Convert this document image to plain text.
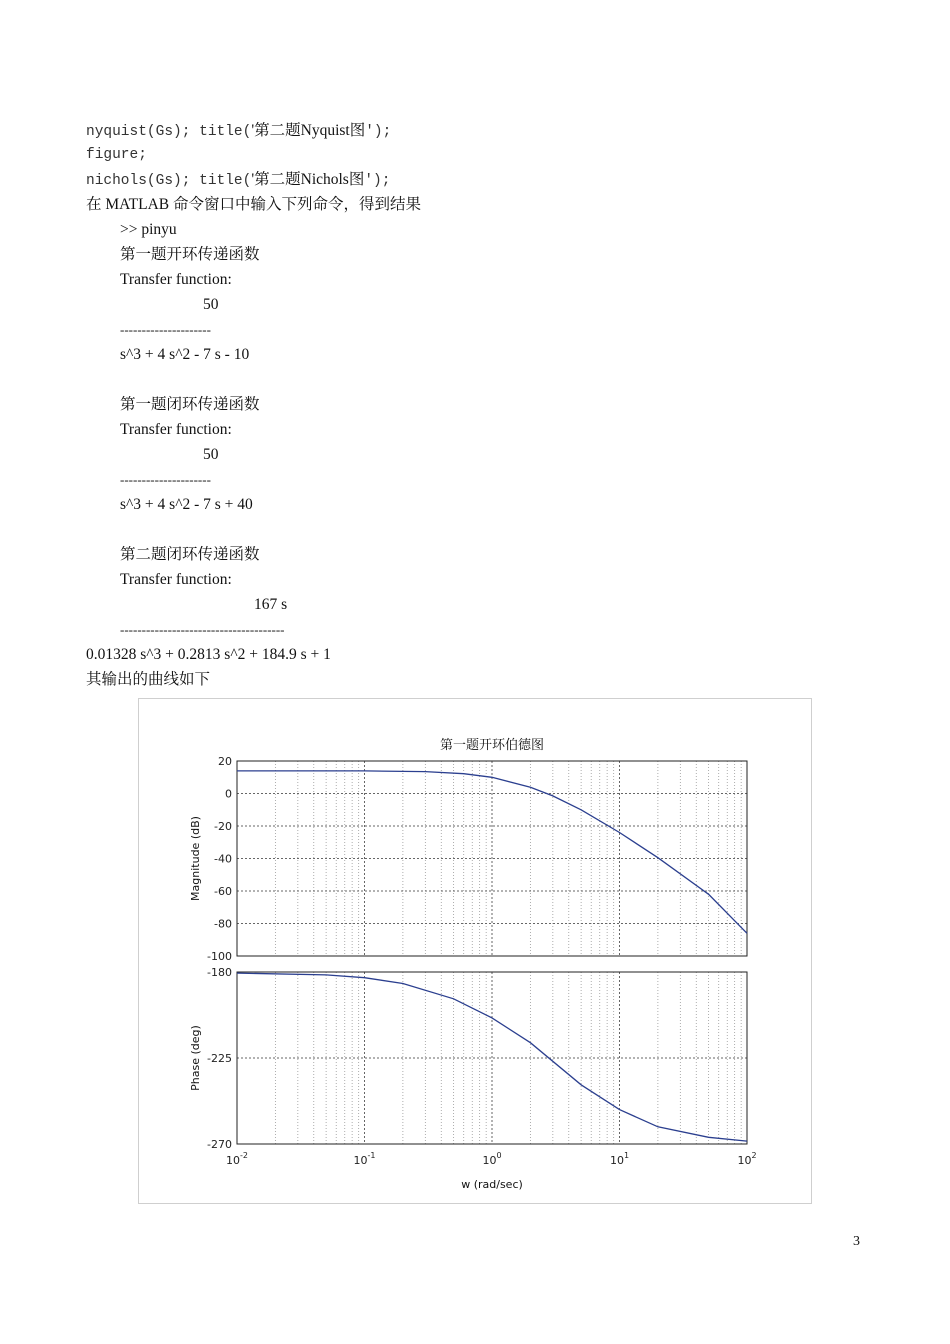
nyquist(Gs); title('第二题Nyquist图');
figure;
nichols(Gs); title('第二题Nichols图');
在 MATLAB 命令窗口中输入下列命令，得到结果
>> pinyu
第一题开环传递函数
Transfer function:
50
---------------------
s^3 + 4 s^2 - 7 s - 10
第一题闭环传递函数
Transfer function:
50
---------------------
s^3 + 4 s^2 - 7 s + 40
第二题闭环传递函数
Transfer function:
167 s
--------------------------------------
0.01328 s^3 + 0.2813 s^2 + 184.9 s + 1
其输出的曲线如下
第一题开环伯德图
20
0
-20
-40
-60
-80
-100
Magnitude (dB)
-180
-225
-270
Phase (deg)
$10^{-2}$	$10^{-1}$	$10^0$	$10^1$	$10^2$
w (rad/sec)
3
